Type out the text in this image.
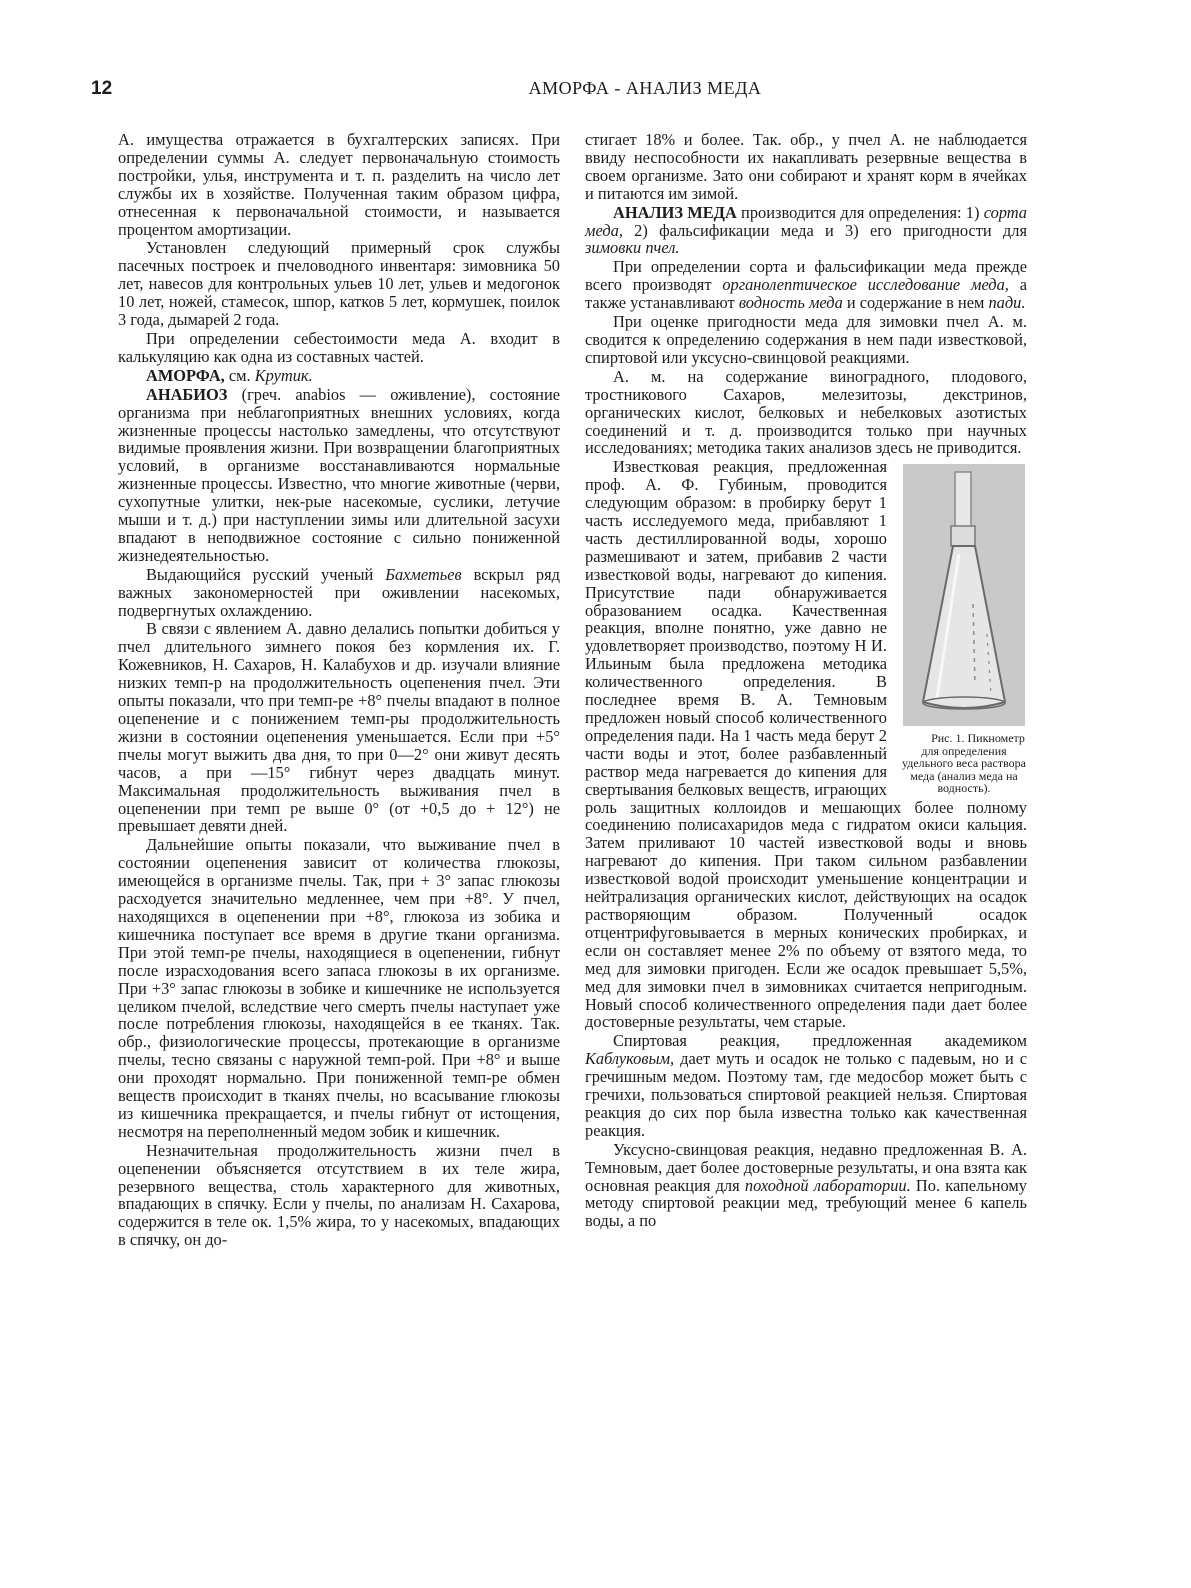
12	АМОРФА - АНАЛИЗ МЕДА

А. имущества отражается в бухгалтерских записях. При определении суммы А. следует первоначальную стоимость постройки, улья, инструмента и т. п. разделить на число лет службы их в хозяйстве. Полученная таким образом цифра, отнесенная к первоначальной стоимости, и называется процентом амортизации.

Установлен следующий примерный срок службы пасечных построек и пчеловодного инвентаря: зимовника 50 лет, навесов для контрольных ульев 10 лет, ульев и медогонок 10 лет, ножей, стамесок, шпор, катков 5 лет, кормушек, поилок 3 года, дымарей 2 года.

При определении себестоимости меда А. входит в калькуляцию как одна из составных частей.

АМОРФА, см. Крутик.

АНАБИОЗ (греч. anabios — оживление), состояние организма при неблагоприятных внешних условиях, когда жизненные процессы настолько замедлены, что отсутствуют видимые проявления жизни. При возвращении благоприятных условий, в организме восстанавливаются нормальные жизненные процессы. Известно, что многие животные (черви, сухопутные улитки, нек-рые насекомые, суслики, летучие мыши и т. д.) при наступлении зимы или длительной засухи впадают в неподвижное состояние с сильно пониженной жизнедеятельностью.

Выдающийся русский ученый Бахметьев вскрыл ряд важных закономерностей при оживлении насекомых, подвергнутых охлаждению.

В связи с явлением А. давно делались попытки добиться у пчел длительного зимнего покоя без кормления их. Г. Кожевников, Н. Сахаров, Н. Калабухов и др. изучали влияние низких темп-р на продолжительность оцепенения пчел. Эти опыты показали, что при темп-ре +8° пчелы впадают в полное оцепенение и с понижением темп-ры продолжительность жизни в состоянии оцепенения уменьшается. Если при +5° пчелы могут выжить два дня, то при 0—2° они живут десять часов, а при —15° гибнут через двадцать минут. Максимальная продолжительность выживания пчел в оцепенении при темп ре выше 0° (от +0,5 до + 12°) не превышает девяти дней.

Дальнейшие опыты показали, что выживание пчел в состоянии оцепенения зависит от количества глюкозы, имеющейся в организме пчелы. Так, при + 3° запас глюкозы расходуется значительно медленнее, чем при +8°. У пчел, находящихся в оцепенении при +8°, глюкоза из зобика и кишечника поступает все время в другие ткани организма. При этой темп-ре пчелы, находящиеся в оцепенении, гибнут после израсходования всего запаса глюкозы в их организме. При +3° запас глюкозы в зобике и кишечнике не используется целиком пчелой, вследствие чего смерть пчелы наступает уже после потребления глюкозы, находящейся в ее тканях. Так. обр., физиологические процессы, протекающие в организме пчелы, тесно связаны с наружной темп-рой. При +8° и выше они проходят нормально. При пониженной темп-ре обмен веществ происходит в тканях пчелы, но всасывание глюкозы из кишечника прекращается, и пчелы гибнут от истощения, несмотря на переполненный медом зобик и кишечник.

Незначительная продолжительность жизни пчел в оцепенении объясняется отсутствием в их теле жира, резервного вещества, столь характерного для животных, впадающих в спячку. Если у пчелы, по анализам Н. Сахарова, содержится в теле ок. 1,5% жира, то у насекомых, впадающих в спячку, он до-

стигает 18% и более. Так. обр., у пчел А. не наблюдается ввиду неспособности их накапливать резервные вещества в своем организме. Зато они собирают и хранят корм в ячейках и питаются им зимой.

АНАЛИЗ МЕДА производится для определения: 1) сорта меда, 2) фальсификации меда и 3) его пригодности для зимовки пчел.

При определении сорта и фальсификации меда прежде всего производят органолептическое исследование меда, а также устанавливают водность меда и содержание в нем пади.

При оценке пригодности меда для зимовки пчел А. м. сводится к определению содержания в нем пади известковой, спиртовой или уксусно-свинцовой реакциями.

А. м. на содержание виноградного, плодового, тростникового Сахаров, мелезитозы, декстринов, органических кислот, белковых и небелковых азотистых соединений и т. д. производится только при научных исследованиях; методика таких анализов здесь не приводится.

Рис. 1. Пикнометр для определения удельного веса раствора меда (анализ меда на водность).
Известковая реакция, предложенная проф. А. Ф. Губиным, проводится следующим образом: в пробирку берут 1 часть исследуемого меда, прибавляют 1 часть дестиллированной воды, хорошо размешивают и затем, прибавив 2 части известковой воды, нагревают до кипения. Присутствие пади обнаруживается образованием осадка. Качественная реакция, вполне понятно, уже давно не удовлетворяет производство, поэтому Н И. Ильиным была предложена методика количественного определения. В последнее время В. А. Темновым предложен новый способ количественного определения пади. На 1 часть меда берут 2 части воды и этот, более разбавленный раствор меда нагревается до кипения для свертывания белковых веществ, играющих роль защитных коллоидов и мешающих более полному соединению полисахаридов меда с гидратом окиси кальция. Затем приливают 10 частей известковой воды и вновь нагревают до кипения. При таком сильном разбавлении известковой водой происходит уменьшение концентрации и нейтрализация органических кислот, действующих на осадок растворяющим образом. Полученный осадок отцентрифуговывается в мерных конических пробирках, и если он составляет менее 2% по объему от взятого меда, то мед для зимовки пригоден. Если же осадок превышает 5,5%, мед для зимовки пчел в зимовниках считается непригодным. Новый способ количественного определения пади дает более достоверные результаты, чем старые.

Спиртовая реакция, предложенная академиком Каблуковым, дает муть и осадок не только с падевым, но и с гречишным медом. Поэтому там, где медосбор может быть с гречихи, пользоваться спиртовой реакцией нельзя. Спиртовая реакция до сих пор была известна только как качественная реакция.

Уксусно-свинцовая реакция, недавно предложенная В. А. Темновым, дает более достоверные результаты, и она взята как основная реакция для походной лаборатории. По. капельному методу спиртовой реакции мед, требующий менее 6 капель воды, а по
